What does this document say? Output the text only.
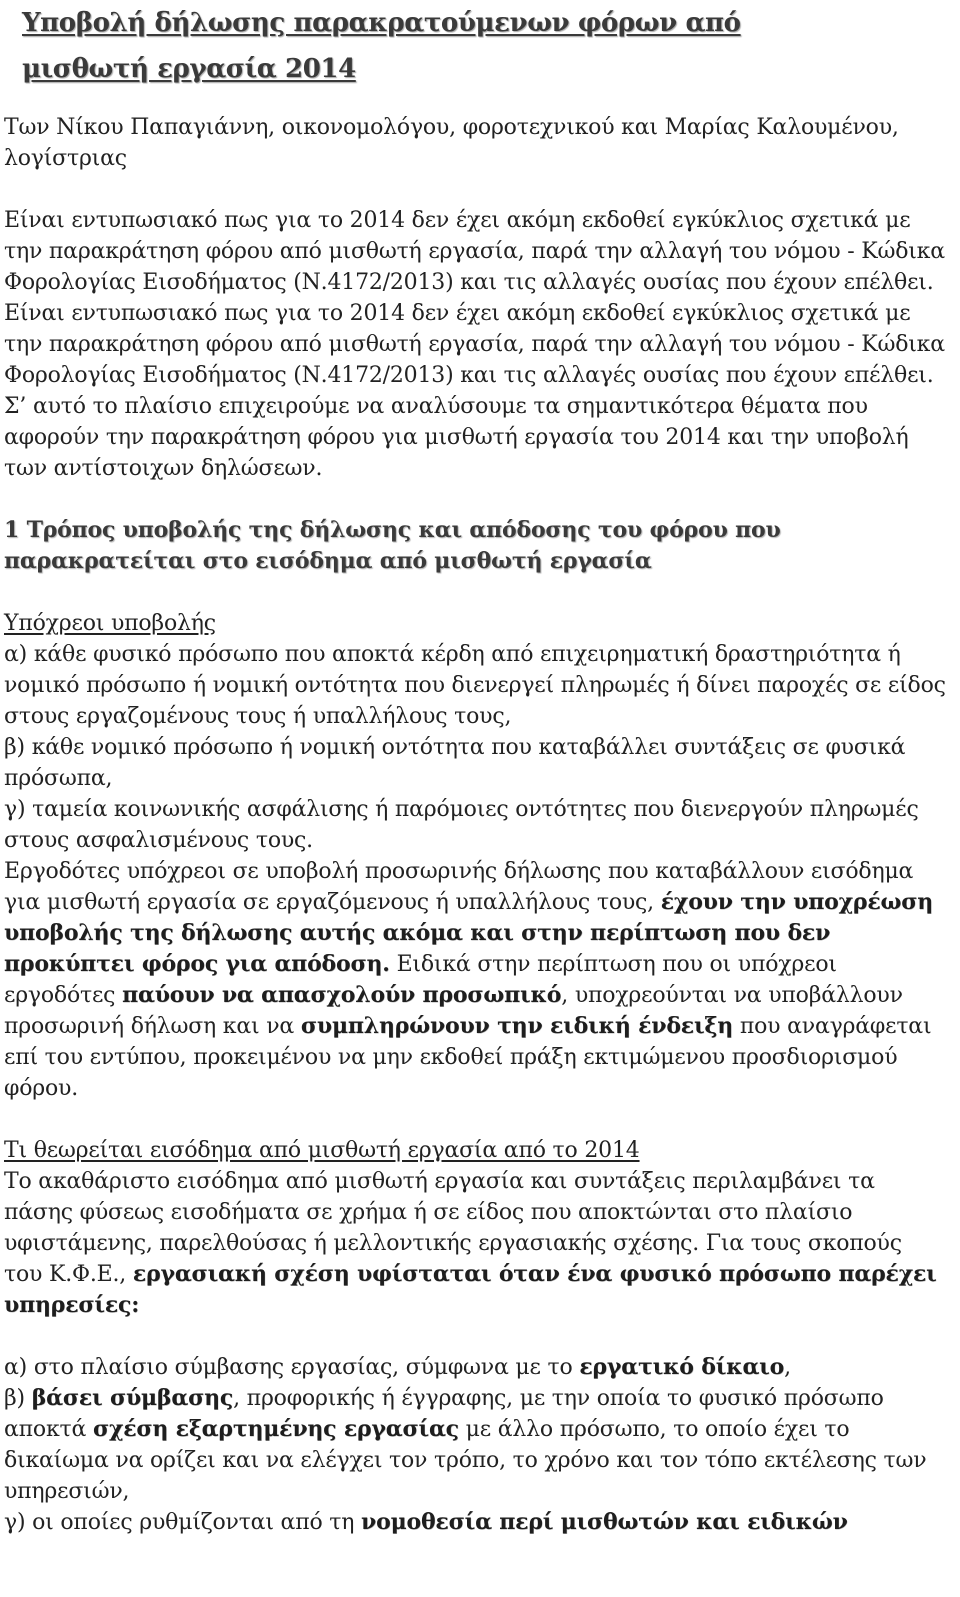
Υποβολή δήλωσης παρακρατούμενων φόρων από
μισθωτή εργασία 2014

Των Νίκου Παπαγιάννη, οικονομολόγου, φοροτεχνικού και Μαρίας Καλουμένου, λογίστριας

Είναι εντυπωσιακό πως για το 2014 δεν έχει ακόμη εκδοθεί εγκύκλιος σχετικά με την παρακράτηση φόρου από μισθωτή εργασία, παρά την αλλαγή του νόμου - Κώδικα Φορολογίας Εισοδήματος (Ν.4172/2013) και τις αλλαγές ουσίας που έχουν επέλθει.

Είναι εντυπωσιακό πως για το 2014 δεν έχει ακόμη εκδοθεί εγκύκλιος σχετικά με την παρακράτηση φόρου από μισθωτή εργασία, παρά την αλλαγή του νόμου - Κώδικα Φορολογίας Εισοδήματος (Ν.4172/2013) και τις αλλαγές ουσίας που έχουν επέλθει. Σ’ αυτό το πλαίσιο επιχειρούμε να αναλύσουμε τα σημαντικότερα θέματα που αφορούν την παρακράτηση φόρου για μισθωτή εργασία του 2014 και την υποβολή των αντίστοιχων δηλώσεων.

1 Τρόπος υποβολής της δήλωσης και απόδοσης του φόρου που παρακρατείται στο εισόδημα από μισθωτή εργασία

Υπόχρεοι υποβολής

α) κάθε φυσικό πρόσωπο που αποκτά κέρδη από επιχειρηματική δραστηριότητα ή νομικό πρόσωπο ή νομική οντότητα που διενεργεί πληρωμές ή δίνει παροχές σε είδος στους εργαζομένους τους ή υπαλλήλους τους,

β) κάθε νομικό πρόσωπο ή νομική οντότητα που καταβάλλει συντάξεις σε φυσικά πρόσωπα,

γ) ταμεία κοινωνικής ασφάλισης ή παρόμοιες οντότητες που διενεργούν πληρωμές στους ασφαλισμένους τους.

Εργοδότες υπόχρεοι σε υποβολή προσωρινής δήλωσης που καταβάλλουν εισόδημα για μισθωτή εργασία σε εργαζόμενους ή υπαλλήλους τους, έχουν την υποχρέωση υποβολής της δήλωσης αυτής ακόμα και στην περίπτωση που δεν προκύπτει φόρος για απόδοση. Ειδικά στην περίπτωση που οι υπόχρεοι εργοδότες παύουν να απασχολούν προσωπικό, υποχρεούνται να υποβάλλουν προσωρινή δήλωση και να συμπληρώνουν την ειδική ένδειξη που αναγράφεται επί του εντύπου, προκειμένου να μην εκδοθεί πράξη εκτιμώμενου προσδιορισμού φόρου.

Τι θεωρείται εισόδημα από μισθωτή εργασία από το 2014

Το ακαθάριστο εισόδημα από μισθωτή εργασία και συντάξεις περιλαμβάνει τα πάσης φύσεως εισοδήματα σε χρήμα ή σε είδος που αποκτώνται στο πλαίσιο υφιστάμενης, παρελθούσας ή μελλοντικής εργασιακής σχέσης. Για τους σκοπούς του Κ.Φ.Ε., εργασιακή σχέση υφίσταται όταν ένα φυσικό πρόσωπο παρέχει υπηρεσίες:

α) στο πλαίσιο σύμβασης εργασίας, σύμφωνα με το εργατικό δίκαιο,

β) βάσει σύμβασης, προφορικής ή έγγραφης, με την οποία το φυσικό πρόσωπο αποκτά σχέση εξαρτημένης εργασίας με άλλο πρόσωπο, το οποίο έχει το δικαίωμα να ορίζει και να ελέγχει τον τρόπο, το χρόνο και τον τόπο εκτέλεσης των υπηρεσιών,

γ) οι οποίες ρυθμίζονται από τη νομοθεσία περί μισθωτών και ειδικών
